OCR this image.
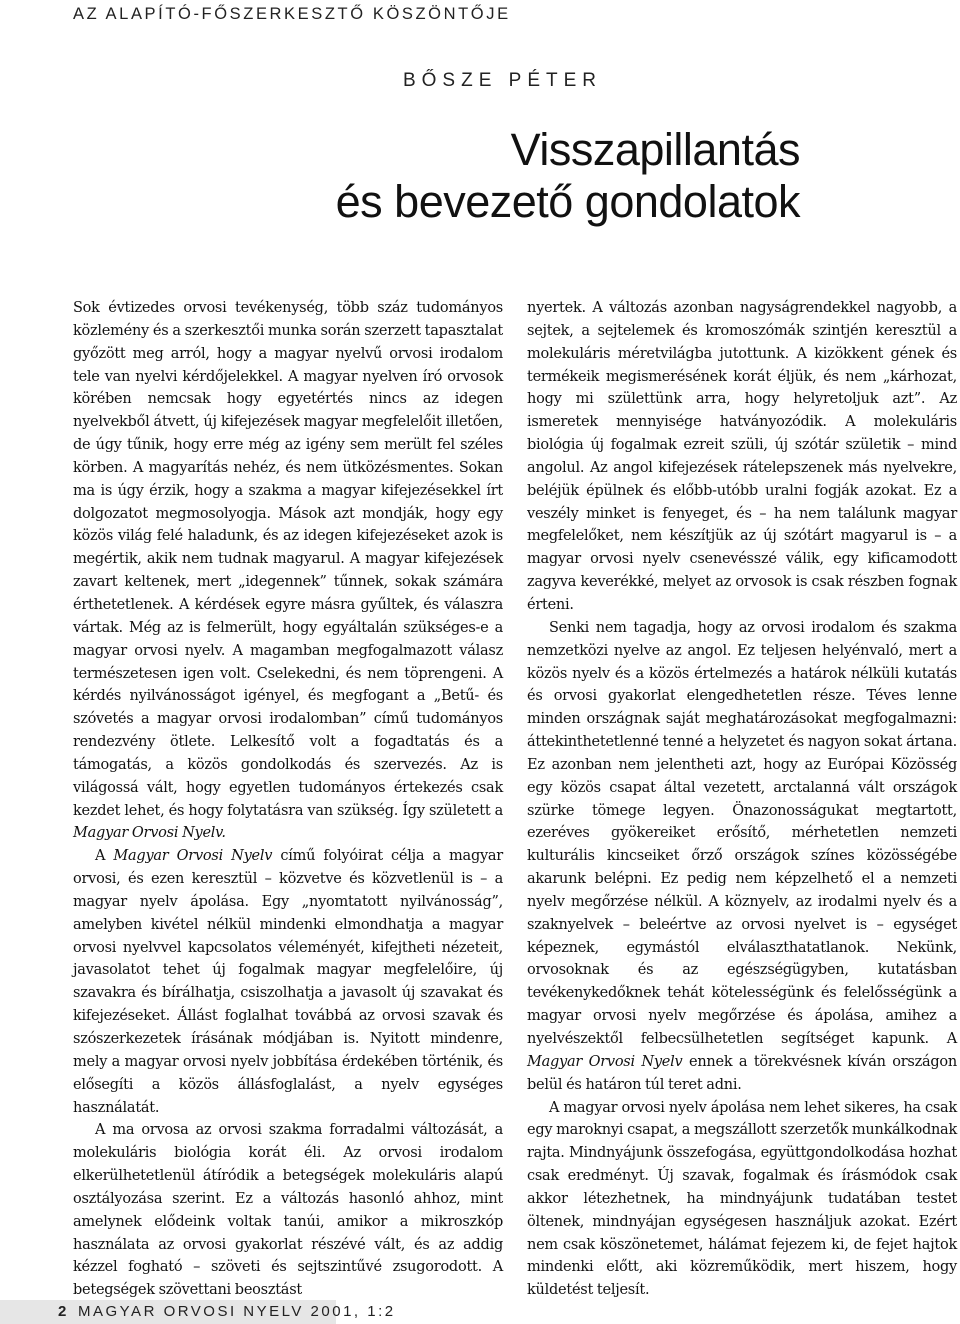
AZ ALAPÍTÓ-FŐSZERKESZTŐ KÖSZÖNTŐJE
BŐSZE PÉTER
Visszapillantás
és bevezető gondolatok

Sok évtizedes orvosi tevékenység, több száz tudományos közlemény és a szerkesztői munka során szerzett tapasztalat győzött meg arról, hogy a magyar nyelvű orvosi irodalom tele van nyelvi kérdőjelekkel. A magyar nyelven író orvosok körében nemcsak hogy egyetértés nincs az idegen nyelvekből átvett, új kifejezések magyar megfelelőit illetően, de úgy tűnik, hogy erre még az igény sem merült fel széles körben. A magyarítás nehéz, és nem ütközésmentes. Sokan ma is úgy érzik, hogy a szakma a magyar kifejezésekkel írt dolgozatot megmosolyogja. Mások azt mondják, hogy egy közös világ felé haladunk, és az idegen kifejezéseket azok is megértik, akik nem tudnak magyarul. A magyar kifejezések zavart keltenek, mert „idegennek” tűnnek, sokak számára érthetetlenek. A kérdések egyre másra gyűltek, és válaszra vártak. Még az is felmerült, hogy egyáltalán szükséges-e a magyar orvosi nyelv. A magamban megfogalmazott válasz természetesen igen volt. Cselekedni, és nem töprengeni. A kérdés nyilvánosságot igényel, és megfogant a „Betű- és szóvetés a magyar orvosi irodalomban” című tudományos rendezvény ötlete. Lelkesítő volt a fogadtatás és a támogatás, a közös gondolkodás és szervezés. Az is világossá vált, hogy egyetlen tudományos értekezés csak kezdet lehet, és hogy folytatásra van szükség. Így született a Magyar Orvosi Nyelv.

A Magyar Orvosi Nyelv című folyóirat célja a magyar orvosi, és ezen keresztül – közvetve és közvetlenül is – a magyar nyelv ápolása. Egy „nyomtatott nyilvánosság”, amelyben kivétel nélkül mindenki elmondhatja a magyar orvosi nyelvvel kapcsolatos véleményét, kifejtheti nézeteit, javasolatot tehet új fogalmak magyar megfelelőire, új szavakra és bírálhatja, csiszolhatja a javasolt új szavakat és kifejezéseket. Állást foglalhat továbbá az orvosi szavak és szószerkezetek írásának módjában is. Nyitott mindenre, mely a magyar orvosi nyelv jobbítása érdekében történik, és elősegíti a közös állásfoglalást, a nyelv egységes használatát.

A ma orvosa az orvosi szakma forradalmi változását, a molekuláris biológia korát éli. Az orvosi irodalom elkerülhetetlenül átíródik a betegségek molekuláris alapú osztályozása szerint. Ez a változás hasonló ahhoz, mint amelynek elődeink voltak tanúi, amikor a mikroszkóp használata az orvosi gyakorlat részévé vált, és az addig kézzel fogható – szöveti és sejtszintűvé zsugorodott. A betegségek szövettani beosztást

nyertek. A változás azonban nagyságrendekkel nagyobb, a sejtek, a sejtelemek és kromoszómák szintjén keresztül a molekuláris méretvilágba jutottunk. A kizökkent gének és termékeik megismerésének korát éljük, és nem „kárhozat, hogy mi születtünk arra, hogy helyretoljuk azt”. Az ismeretek mennyisége hatványozódik. A molekuláris biológia új fogalmak ezreit szüli, új szótár születik – mind angolul. Az angol kifejezések rátelepszenek más nyelvekre, beléjük épülnek és előbb-utóbb uralni fogják azokat. Ez a veszély minket is fenyeget, és – ha nem találunk magyar megfelelőket, nem készítjük az új szótárt magyarul is – a magyar orvosi nyelv csenevésszé válik, egy kificamodott zagyva keverékké, melyet az orvosok is csak részben fognak érteni.

Senki nem tagadja, hogy az orvosi irodalom és szakma nemzetközi nyelve az angol. Ez teljesen helyénvaló, mert a közös nyelv és a közös értelmezés a határok nélküli kutatás és orvosi gyakorlat elengedhetetlen része. Téves lenne minden országnak saját meghatározásokat megfogalmazni: áttekinthetetlenné tenné a helyzetet és nagyon sokat ártana. Ez azonban nem jelentheti azt, hogy az Európai Közösség egy közös csapat által vezetett, arctalanná vált országok szürke tömege legyen. Önazonosságukat megtartott, ezeréves gyökereiket erősítő, mérhetetlen nemzeti kulturális kincseiket őrző országok színes közösségébe akarunk belépni. Ez pedig nem képzelhető el a nemzeti nyelv megőrzése nélkül. A köznyelv, az irodalmi nyelv és a szaknyelvek – beleértve az orvosi nyelvet is – egységet képeznek, egymástól elválaszthatatlanok. Nekünk, orvosoknak és az egészségügyben, kutatásban tevékenykedőknek tehát kötelességünk és felelősségünk a magyar orvosi nyelv megőrzése és ápolása, amihez a nyelvészektől felbecsülhetetlen segítséget kapunk. A Magyar Orvosi Nyelv ennek a törekvésnek kíván országon belül és határon túl teret adni.

A magyar orvosi nyelv ápolása nem lehet sikeres, ha csak egy maroknyi csapat, a megszállott szerzetők munkálkodnak rajta. Mindnyájunk összefogása, együttgondolkodása hozhat csak eredményt. Új szavak, fogalmak és írásmódok csak akkor létezhetnek, ha mindnyájunk tudatában testet öltenek, mindnyájan egységesen használjuk azokat. Ezért nem csak köszönetemet, hálámat fejezem ki, de fejet hajtok mindenki előtt, aki közreműködik, mert hiszem, hogy küldetést teljesít.

2 MAGYAR ORVOSI NYELV 2001, 1:2
